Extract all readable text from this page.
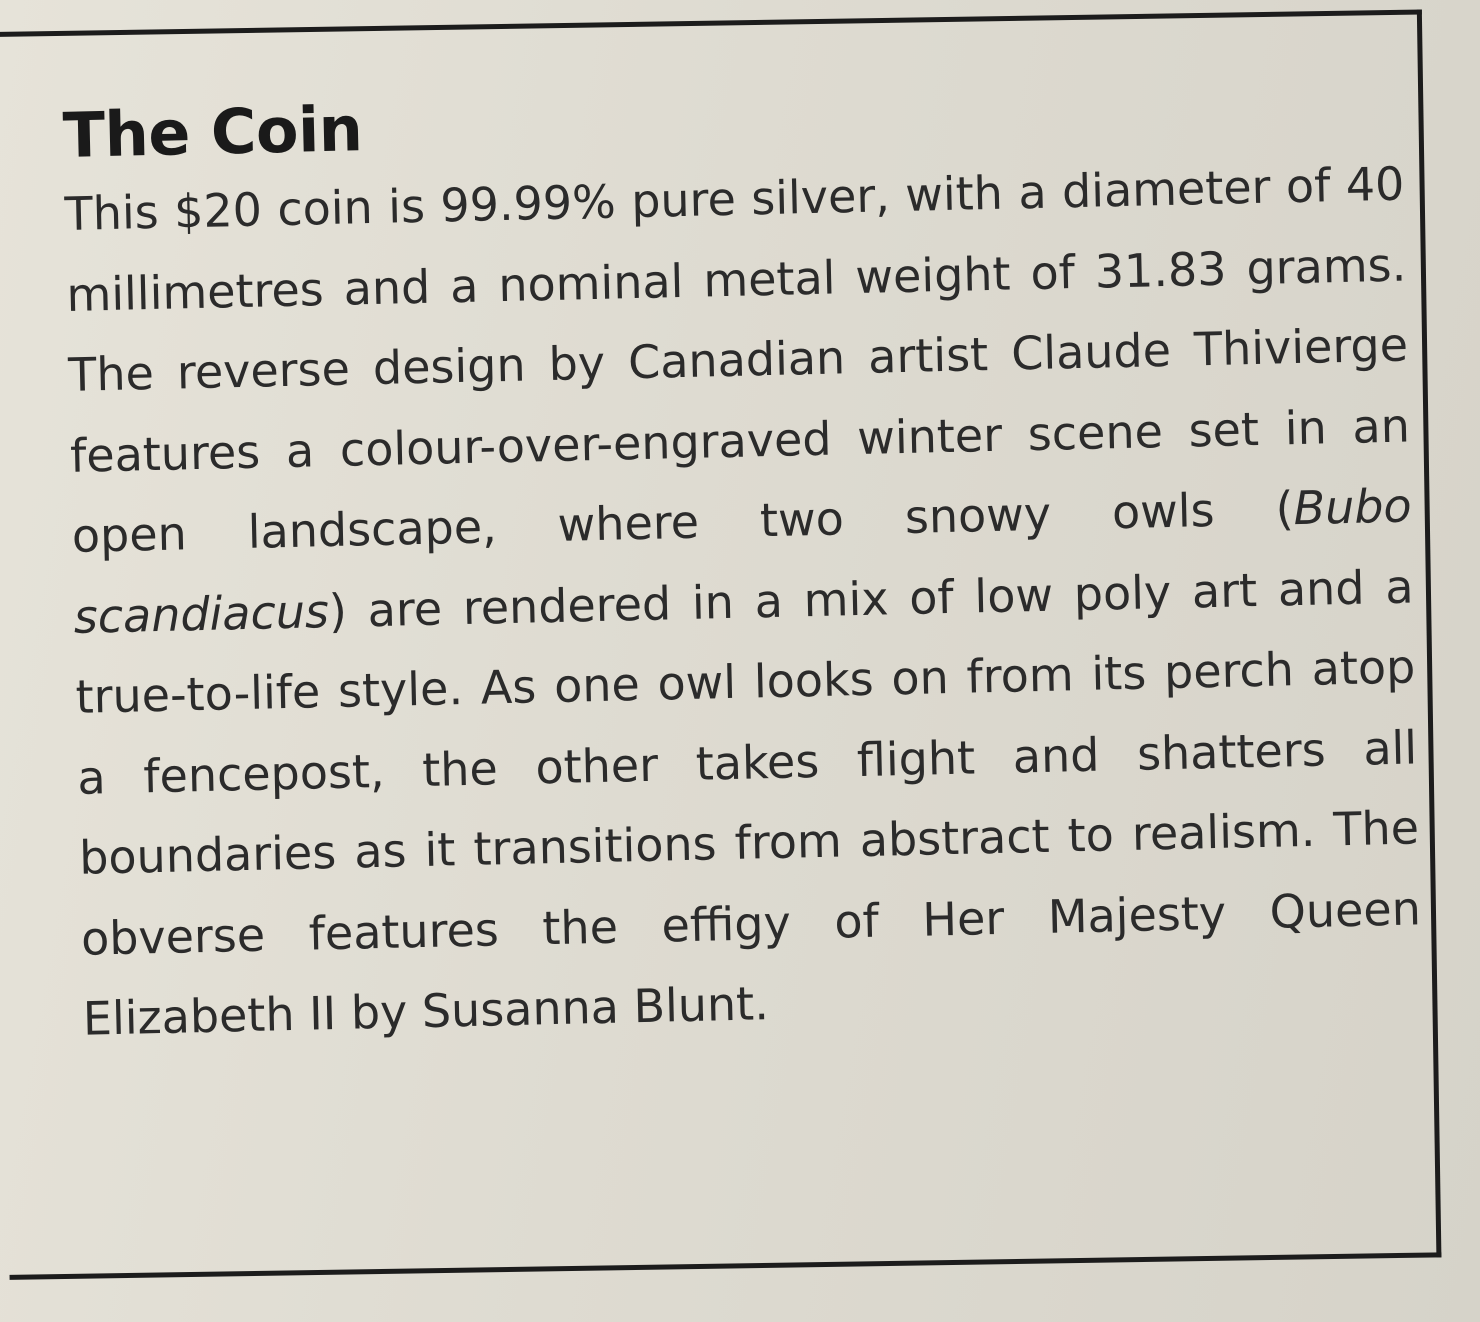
The Coin

This $20 coin is 99.99% pure silver, with a diameter of 40 millimetres and a nominal metal weight of 31.83 grams. The reverse design by Canadian artist Claude Thivierge features a colour-over-engraved winter scene set in an open landscape, where two snowy owls (Bubo scandiacus) are rendered in a mix of low poly art and a true-to-life style. As one owl looks on from its perch atop a fencepost, the other takes flight and shatters all boundaries as it transitions from abstract to realism. The obverse features the effigy of Her Majesty Queen Elizabeth II by Susanna Blunt.
